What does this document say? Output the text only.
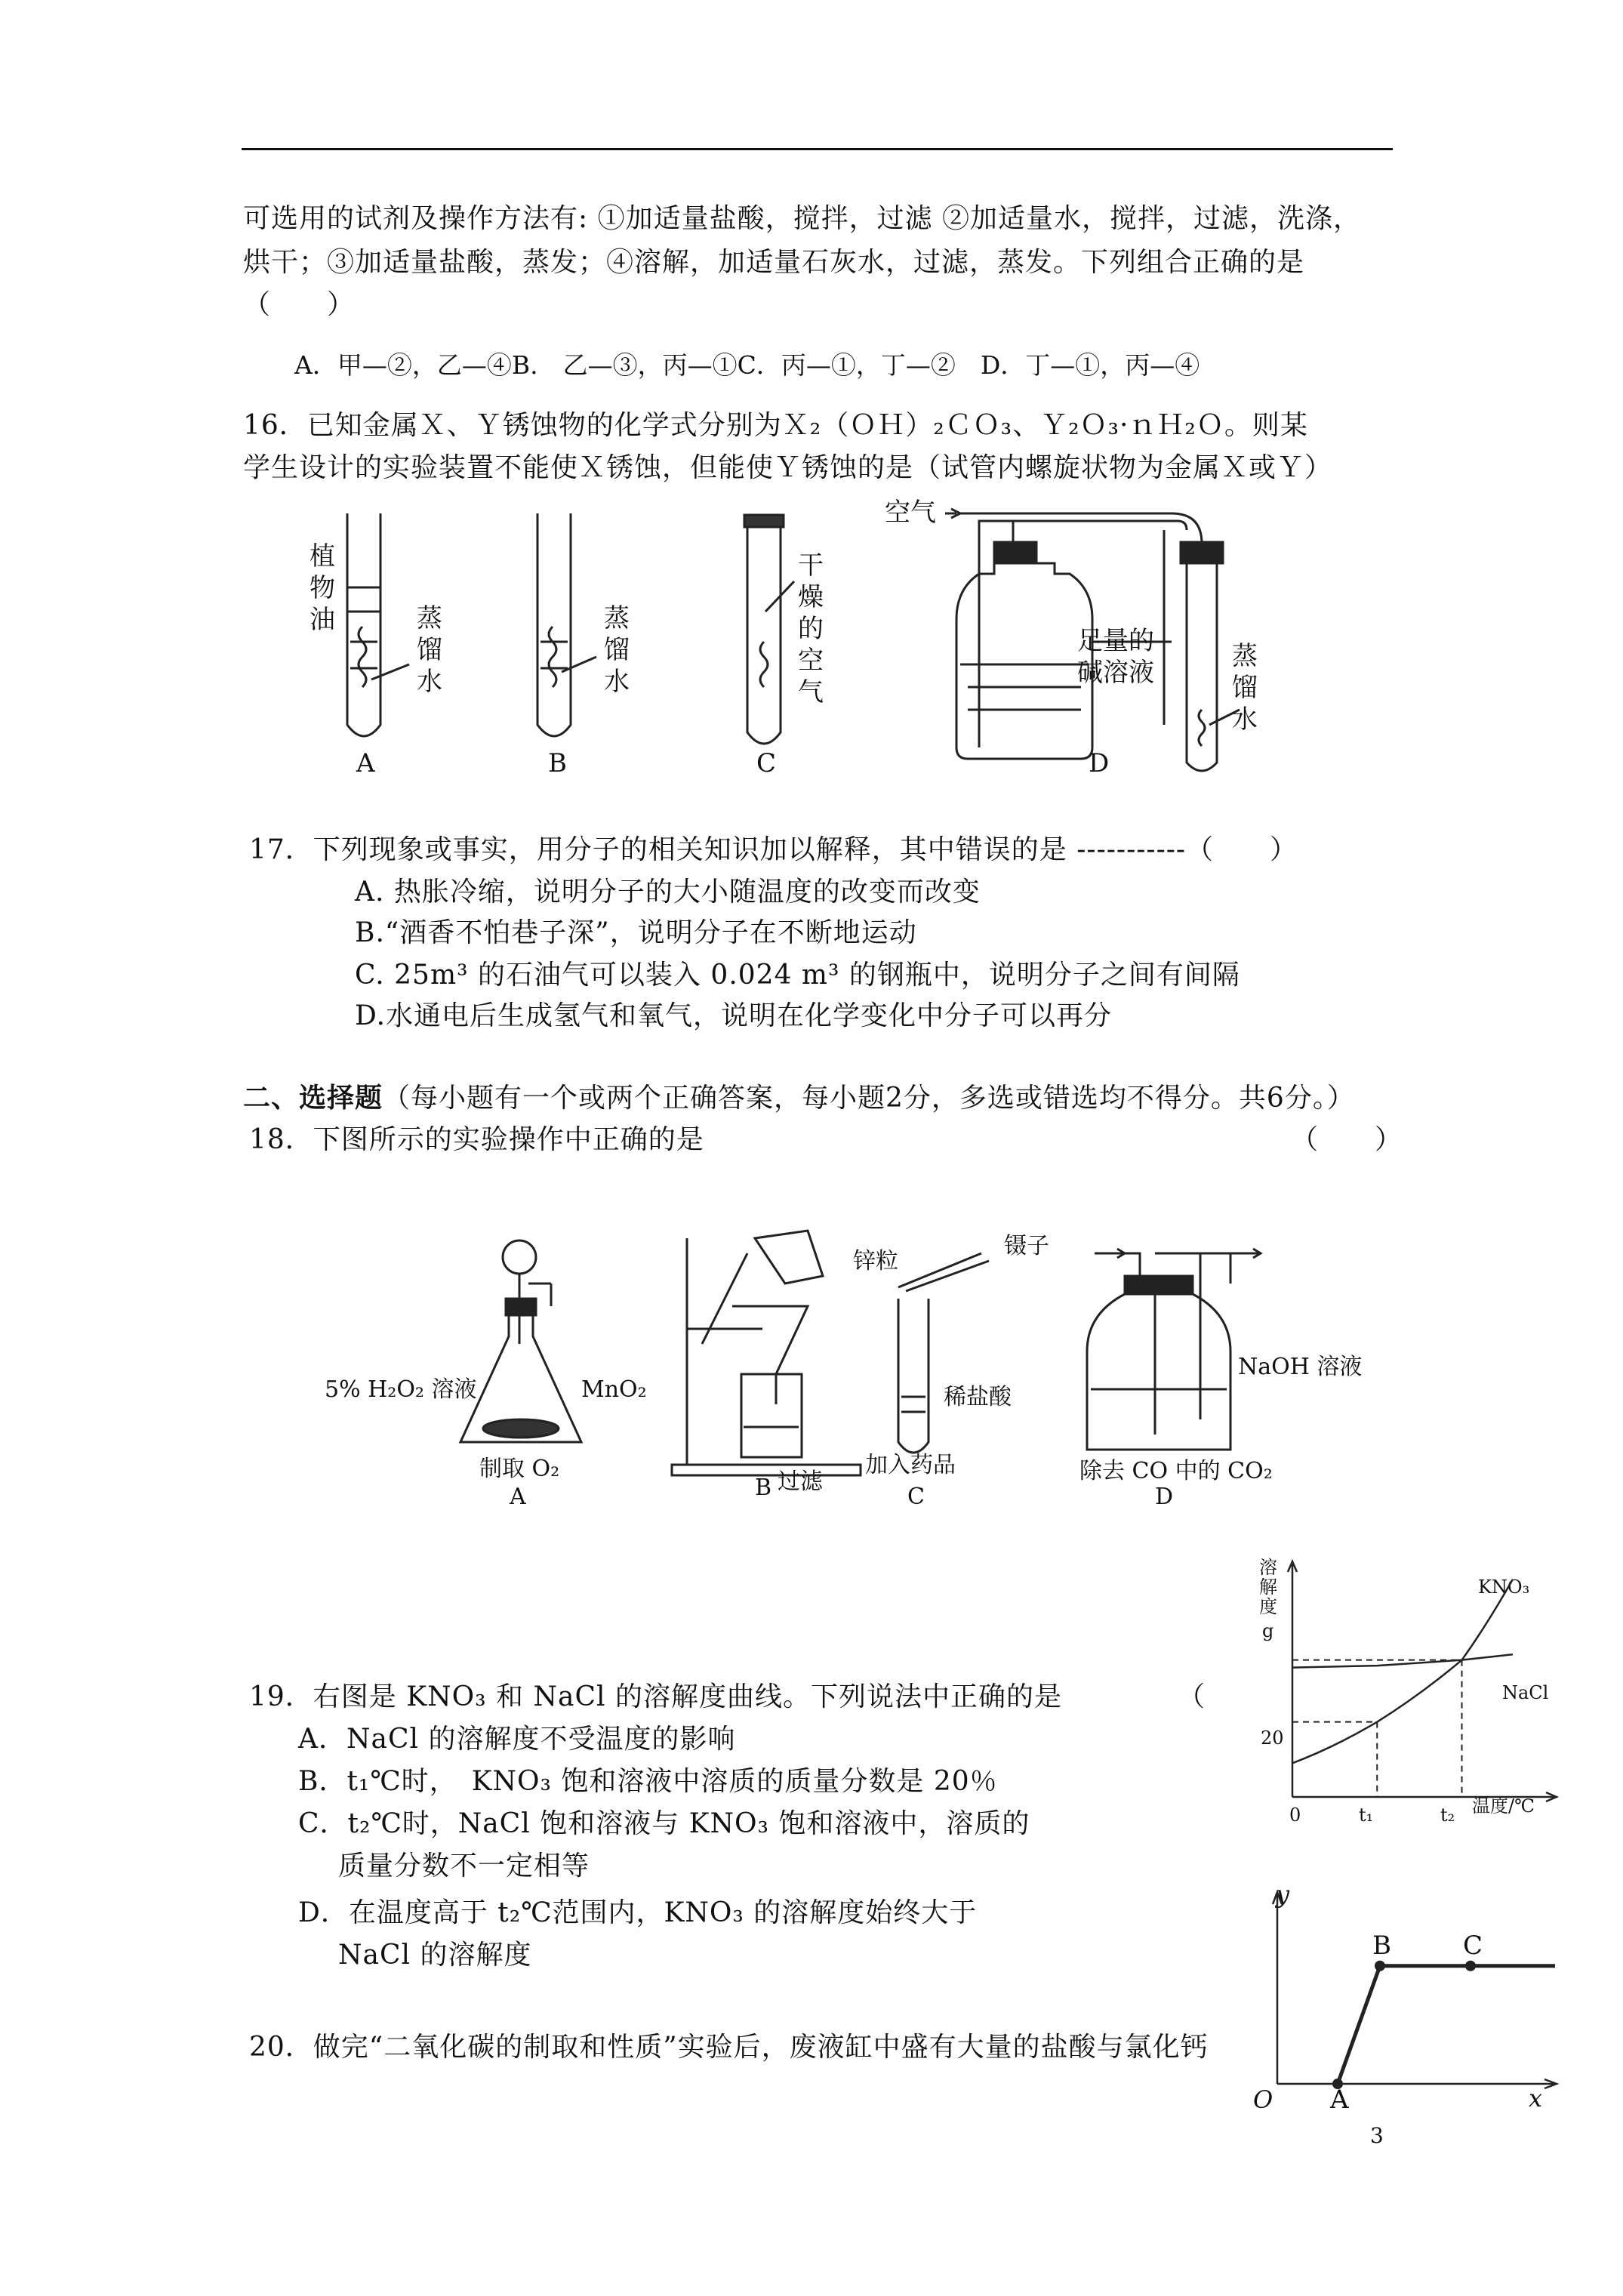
可选用的试剂及操作方法有: ①加适量盐酸，搅拌，过滤 ②加适量水，搅拌，过滤，洗涤，
烘干；③加适量盐酸，蒸发；④溶解，加适量石灰水，过滤，蒸发。下列组合正确的是
（　　）
A．甲—②，乙—④B.　乙—③，丙—①C．丙—①，丁—②　D．丁—①，丙—④
16．已知金属Ｘ、Ｙ锈蚀物的化学式分别为Ｘ₂（ＯＨ）₂ＣＯ₃、Ｙ₂Ｏ₃·ｎＨ₂Ｏ。则某
学生设计的实验装置不能使Ｘ锈蚀，但能使Ｙ锈蚀的是（试管内螺旋状物为金属Ｘ或Ｙ）
植
物
油	蒸
馏
水
蒸
馏
水
干
燥
的
空
气
空气
足量的
碱溶液
蒸
馏
水
A	B	C	D
17．下列现象或事实，用分子的相关知识加以解释，其中错误的是 -----------（　　）
A. 热胀冷缩，说明分子的大小随温度的改变而改变
B.“酒香不怕巷子深”，说明分子在不断地运动
C. 25m³ 的石油气可以装入 0.024 m³ 的钢瓶中，说明分子之间有间隔
D.水通电后生成氢气和氧气，说明在化学变化中分子可以再分
二、选择题（每小题有一个或两个正确答案，每小题2分，多选或错选均不得分。共6分。）
18．下图所示的实验操作中正确的是	（　　）
5% H₂O₂ 溶液	MnO₂
制取 O₂
A	B 过滤
锌粒
镊子
稀盐酸
加入药品
C
NaOH 溶液
除去 CO 中的 CO₂
D
19．右图是 KNO₃ 和 NaCl 的溶解度曲线。下列说法中正确的是	（
A．NaCl 的溶解度不受温度的影响
B．t₁℃时，　KNO₃ 饱和溶液中溶质的质量分数是 20％
C．t₂℃时，NaCl 饱和溶液与 KNO₃ 饱和溶液中，溶质的
质量分数不一定相等
D．在温度高于 t₂℃范围内，KNO₃ 的溶解度始终大于
NaCl 的溶解度
溶
解
度
g
温度/℃
20
0	t₁	t₂
KNO₃
NaCl
20．做完“二氧化碳的制取和性质”实验后，废液缸中盛有大量的盐酸与氯化钙
y
x
O A
B	C
3
